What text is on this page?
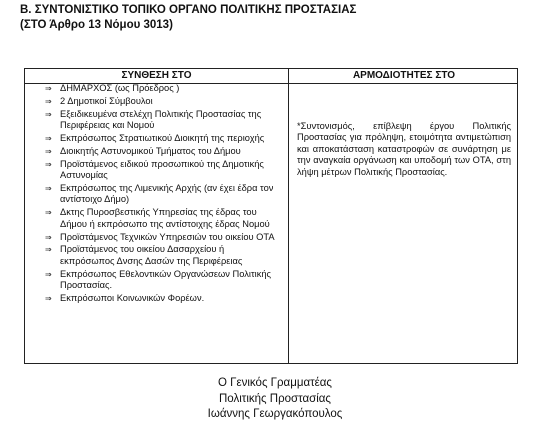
Β. ΣΥΝΤΟΝΙΣΤΙΚΟ ΤΟΠΙΚΟ ΟΡΓΑΝΟ ΠΟΛΙΤΙΚΗΣ ΠΡΟΣΤΑΣΙΑΣ
(ΣΤΟ Άρθρο 13 Νόμου 3013)
ΣΥΝΘΕΣΗ ΣΤΟ	ΑΡΜΟΔΙΟΤΗΤΕΣ ΣΤΟ
⇒ ΔΗΜΑΡΧΟΣ (ως Πρόεδρος )
⇒ 2 Δημοτικοί Σύμβουλοι
⇒ Εξειδικευμένα στελέχη Πολιτικής Προστασίας της Περιφέρειας και Νομού
⇒ Εκπρόσωπος Στρατιωτικού Διοικητή της περιοχής
⇒ Διοικητής Αστυνομικού Τμήματος του Δήμου
⇒ Προϊστάμενος ειδικού προσωπικού της Δημοτικής Αστυνομίας
⇒ Εκπρόσωπος της Λιμενικής Αρχής (αν έχει έδρα τον αντίστοιχο Δήμο)
⇒ Δκτης Πυροσβεστικής Υπηρεσίας της έδρας του Δήμου ή εκπρόσωπο της αντίστοιχης έδρας Νομού
⇒ Προϊστάμενος Τεχνικών Υπηρεσιών του οικείου ΟΤΑ
⇒ Προϊστάμενος του οικείου Δασαρχείου ή εκπρόσωπος Δνσης Δασών της Περιφέρειας
⇒ Εκπρόσωπος Εθελοντικών Οργανώσεων Πολιτικής Προστασίας.
⇒ Εκπρόσωποι Κοινωνικών Φορέων.
*Συντονισμός, επίβλεψη έργου Πολιτικής Προστασίας για πρόληψη, ετοιμότητα αντιμετώπιση και αποκατάσταση καταστροφών σε συνάρτηση με την αναγκαία οργάνωση και υποδομή των ΟΤΑ, στη λήψη μέτρων Πολιτικής Προστασίας.
Ο Γενικός Γραμματέας
Πολιτικής Προστασίας
Ιωάννης Γεωργακόπουλος
